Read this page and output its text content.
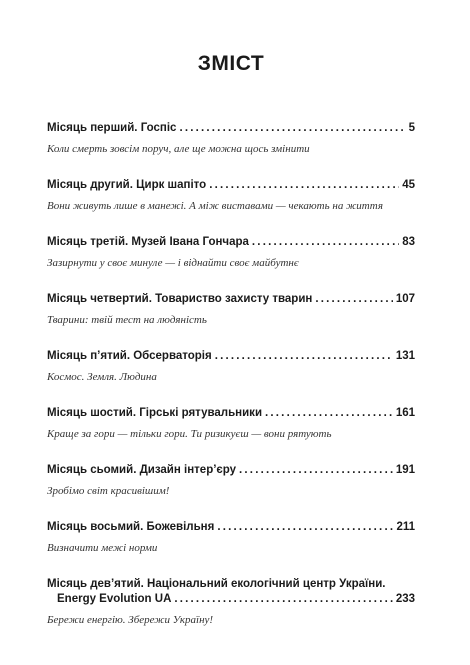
ЗМІСТ
Місяць перший. Госпіс . . .	5
Коли смерть зовсім поруч, але ще можна щось змінити
Місяць другий. Цирк шапіто . . .	45
Вони живуть лише в манежі. А між виставами — чекають на життя
Місяць третій. Музей Івана Гончара . . .	83
Зазирнути у своє минуле — і віднайти своє майбутнє
Місяць четвертий. Товариство захисту тварин . . .	107
Тварини: твій тест на людяність
Місяць п’ятий. Обсерваторія . . .	131
Космос. Земля. Людина
Місяць шостий. Гірські рятувальники . . .	161
Краще за гори — тільки гори. Ти ризикуєш — вони рятують
Місяць сьомий. Дизайн інтер’єру . . .	191
Зробімо світ красивішим!
Місяць восьмий. Божевільня . . .	211
Визначити межі норми
Місяць дев’ятий. Національний екологічний центр України.
Energy Evolution UA . . .	233
Бережи енергію. Збережи Україну!
